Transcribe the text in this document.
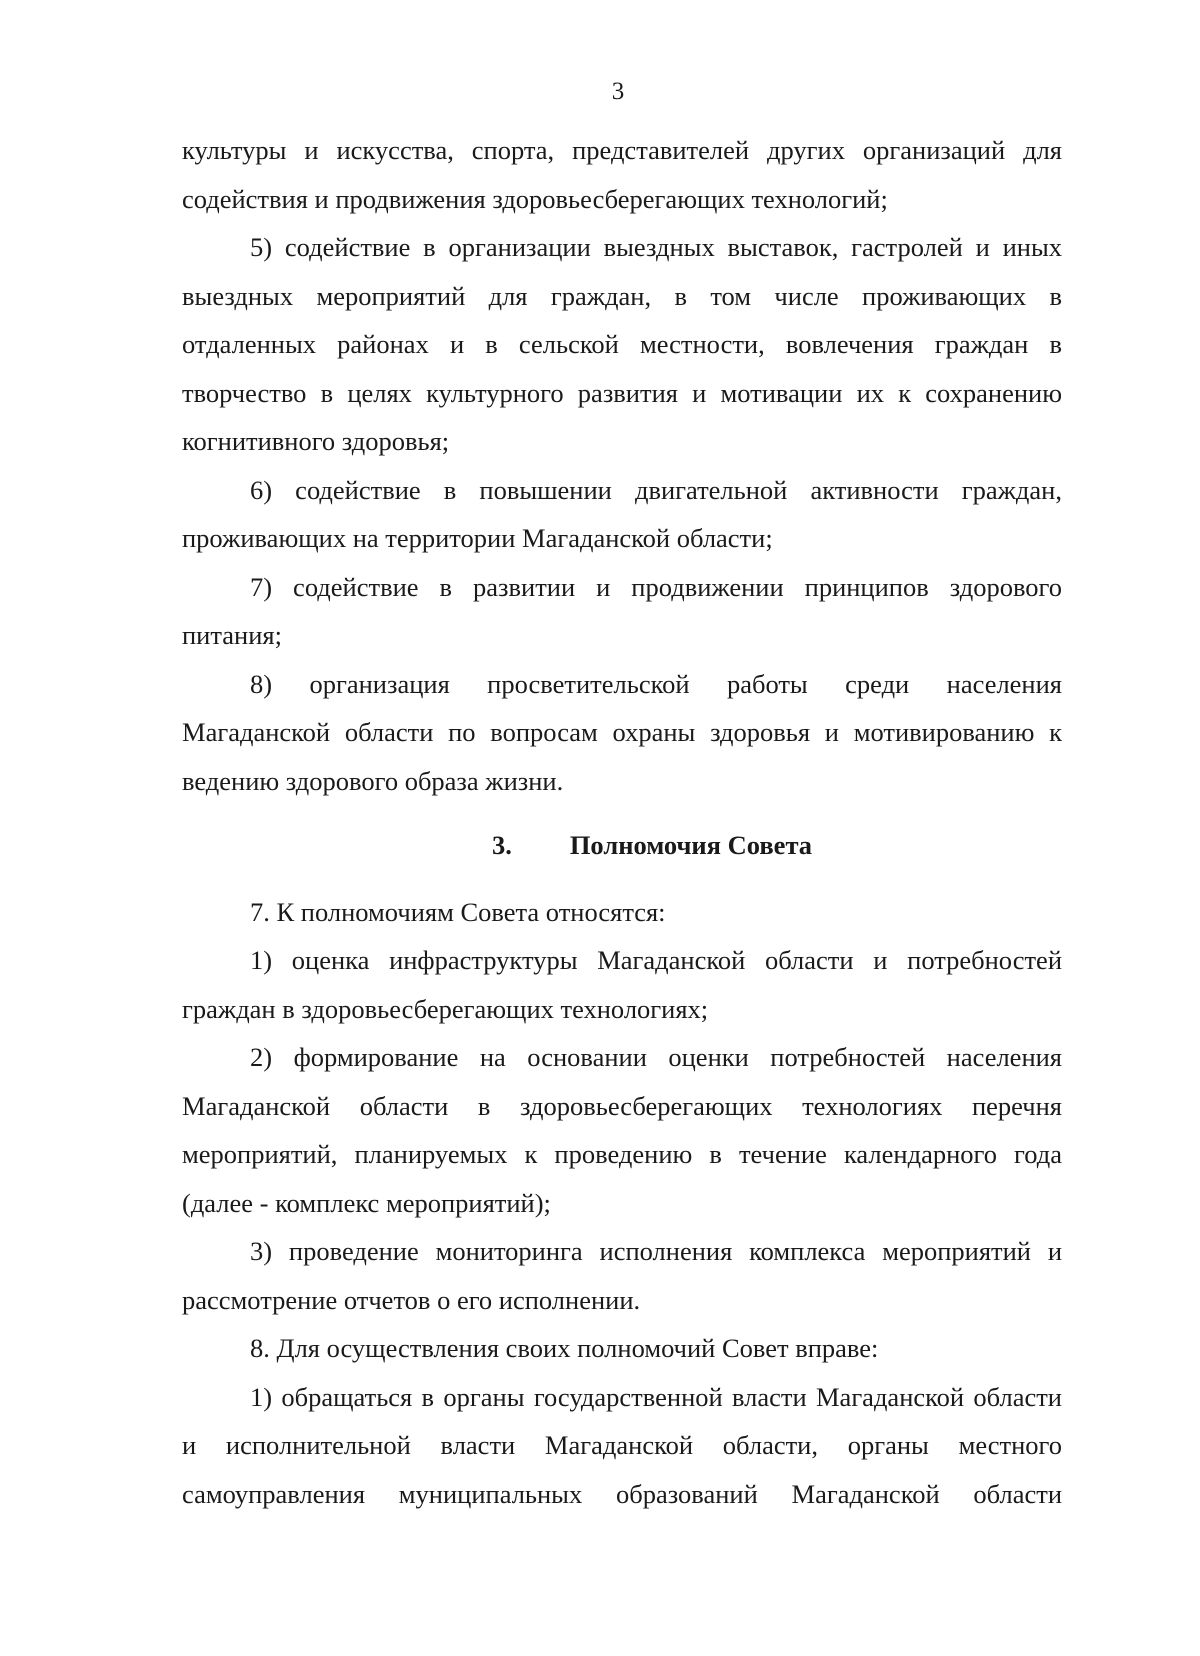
3

культуры и искусства, спорта, представителей других организаций для содействия и продвижения здоровьесберегающих технологий;

5) содействие в организации выездных выставок, гастролей и иных выездных мероприятий для граждан, в том числе проживающих в отдаленных районах и в сельской местности, вовлечения граждан в творчество в целях культурного развития и мотивации их к сохранению когнитивного здоровья;

6) содействие в повышении двигательной активности граждан, проживающих на территории Магаданской области;

7) содействие в развитии и продвижении принципов здорового питания;

8) организация просветительской работы среди населения Магаданской области по вопросам охраны здоровья и мотивированию к ведению здорового образа жизни.

3. Полномочия Совета

7. К полномочиям Совета относятся:

1) оценка инфраструктуры Магаданской области и потребностей граждан в здоровьесберегающих технологиях;

2) формирование на основании оценки потребностей населения Магаданской области в здоровьесберегающих технологиях перечня мероприятий, планируемых к проведению в течение календарного года (далее - комплекс мероприятий);

3) проведение мониторинга исполнения комплекса мероприятий и рассмотрение отчетов о его исполнении.

8. Для осуществления своих полномочий Совет вправе:

1) обращаться в органы государственной власти Магаданской области и исполнительной власти Магаданской области, органы местного самоуправления муниципальных образований Магаданской области
